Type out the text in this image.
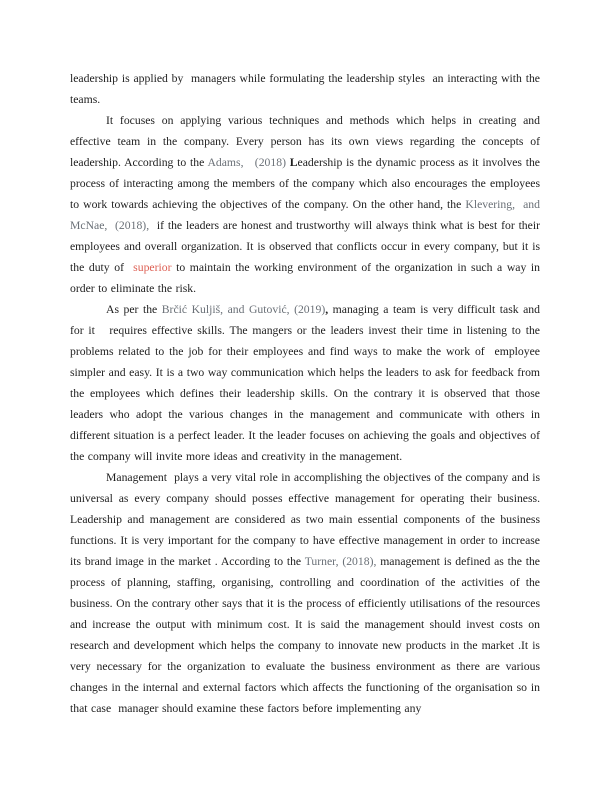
leadership is applied by  managers while formulating the leadership styles  an interacting with the teams.

It focuses on applying various techniques and methods which helps in creating and effective team in the company. Every person has its own views regarding the concepts of leadership. According to the Adams,   (2018) Leadership is the dynamic process as it involves the process of interacting among the members of the company which also encourages the employees to work towards achieving the objectives of the company. On the other hand, the Klevering,  and McNae,  (2018),  if the leaders are honest and trustworthy will always think what is best for their employees and overall organization. It is observed that conflicts occur in every company, but it is the duty of  superior to maintain the working environment of the organization in such a way in order to eliminate the risk.

As per the Brčić Kuljiš, and Gutović, (2019), managing a team is very difficult task and for it   requires effective skills. The mangers or the leaders invest their time in listening to the problems related to the job for their employees and find ways to make the work of  employee simpler and easy. It is a two way communication which helps the leaders to ask for feedback from the employees which defines their leadership skills. On the contrary it is observed that those leaders who adopt the various changes in the management and communicate with others in different situation is a perfect leader. It the leader focuses on achieving the goals and objectives of the company will invite more ideas and creativity in the management.

Management  plays a very vital role in accomplishing the objectives of the company and is universal as every company should posses effective management for operating their business. Leadership and management are considered as two main essential components of the business functions. It is very important for the company to have effective management in order to increase its brand image in the market . According to the Turner, (2018), management is defined as the the process of planning, staffing, organising, controlling and coordination of the activities of the business. On the contrary other says that it is the process of efficiently utilisations of the resources and increase the output with minimum cost. It is said the management should invest costs on research and development which helps the company to innovate new products in the market .It is very necessary for the organization to evaluate the business environment as there are various changes in the internal and external factors which affects the functioning of the organisation so in that case  manager should examine these factors before implementing any
